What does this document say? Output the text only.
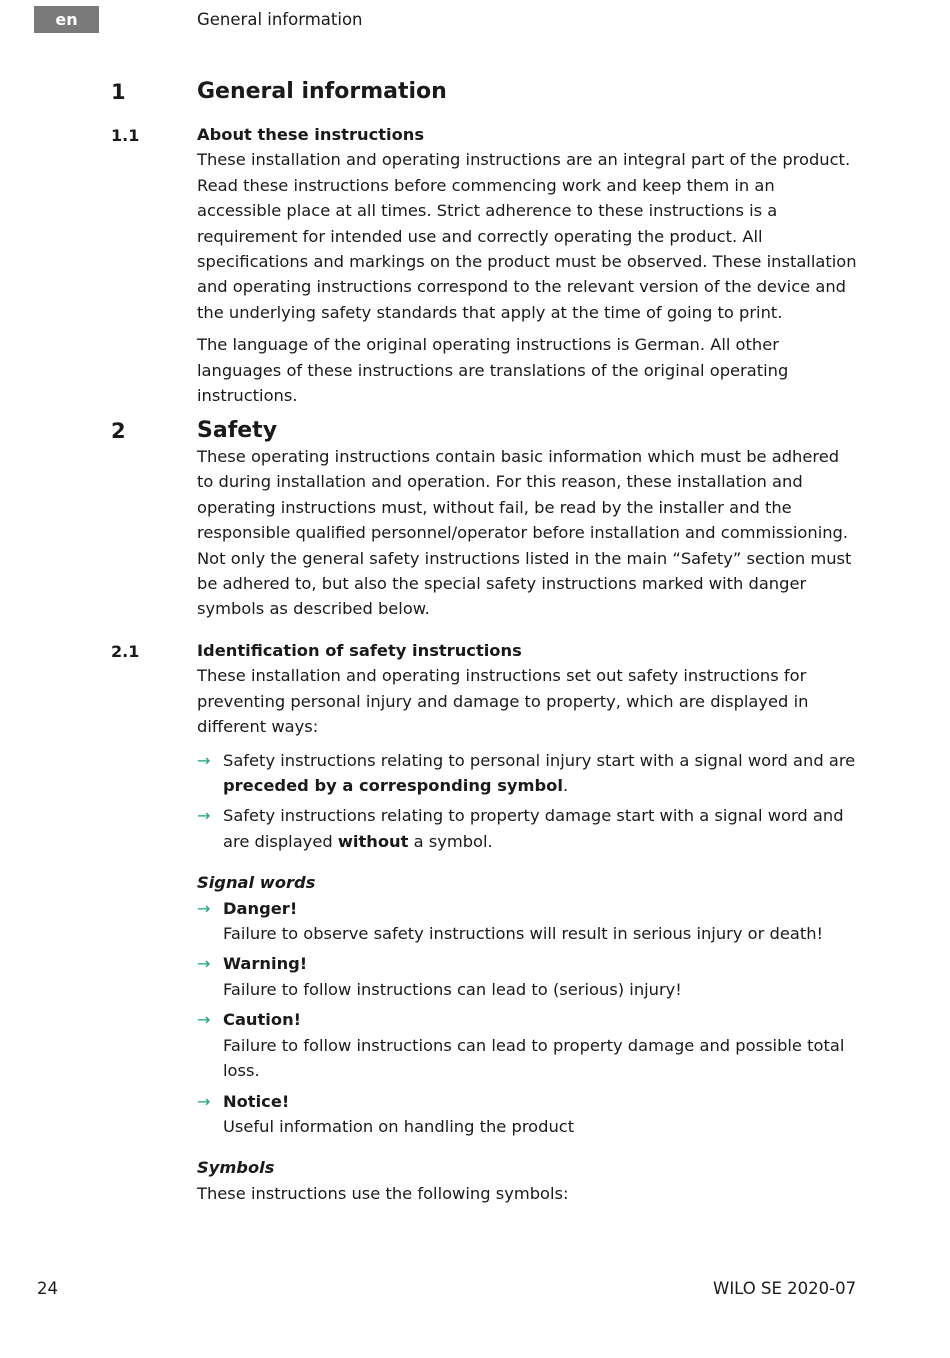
en	General information
1	General information
1.1	About these instructions

These installation and operating instructions are an integral part of the product. Read these instructions before commencing work and keep them in an accessible place at all times. Strict adherence to these instructions is a requirement for intended use and correctly operating the product. All specifications and markings on the product must be observed. These installation and operating instructions correspond to the relevant version of the device and the underlying safety standards that apply at the time of going to print.

The language of the original operating instructions is German. All other languages of these instructions are translations of the original operating instructions.

2	Safety

These operating instructions contain basic information which must be adhered to during installation and operation. For this reason, these installation and operating instructions must, without fail, be read by the installer and the responsible qualified personnel/operator before installation and commissioning.

Not only the general safety instructions listed in the main “Safety” section must be adhered to, but also the special safety instructions marked with danger symbols as described below.

2.1	Identification of safety instructions

These installation and operating instructions set out safety instructions for preventing personal injury and damage to property, which are displayed in different ways:

→ Safety instructions relating to personal injury start with a signal word and are preceded by a corresponding symbol.
→ Safety instructions relating to property damage start with a signal word and are displayed without a symbol.

Signal words

→ Danger!
Failure to observe safety instructions will result in serious injury or death!
→ Warning!
Failure to follow instructions can lead to (serious) injury!
→ Caution!
Failure to follow instructions can lead to property damage and possible total loss.
→ Notice!
Useful information on handling the product

Symbols

These instructions use the following symbols:

24	WILO SE 2020-07
